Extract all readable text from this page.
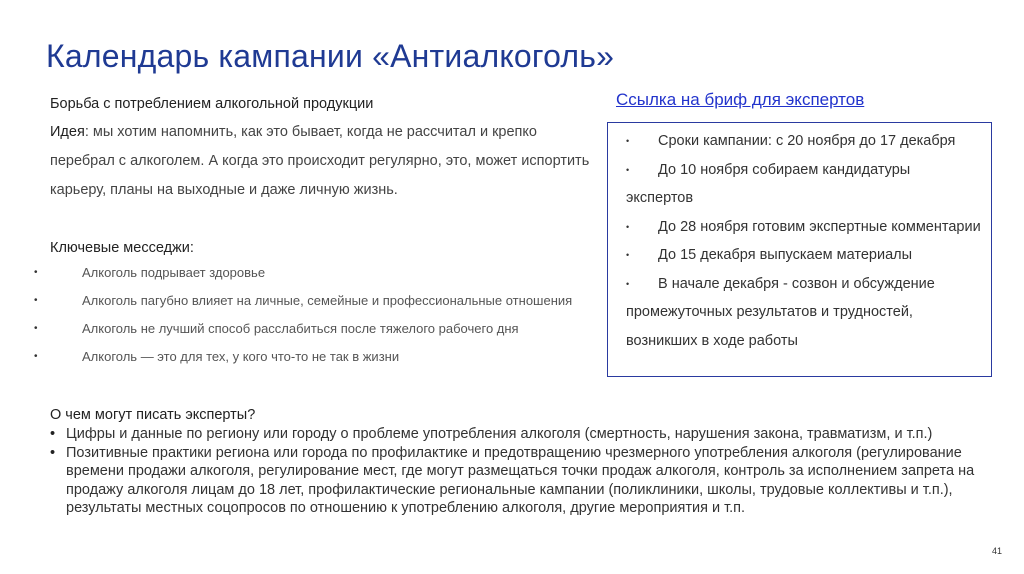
Календарь кампании «Антиалкоголь»
Борьба с потреблением алкогольной продукции
Идея: мы хотим напомнить, как это бывает, когда не рассчитал и крепко перебрал с алкоголем. А когда это происходит регулярно, это, может испортить карьеру, планы на выходные и даже личную жизнь.
Ключевые месседжи:
• Алкоголь подрывает здоровье
• Алкоголь пагубно влияет на личные, семейные и профессиональные отношения
• Алкоголь не лучший способ расслабиться после тяжелого рабочего дня
• Алкоголь — это для тех, у кого что-то не так в жизни
Ссылка на бриф для экспертов
• Сроки кампании: с 20 ноября до 17 декабря
• До 10 ноября собираем кандидатуры экспертов
• До 28 ноября готовим экспертные комментарии
• До 15 декабря выпускаем материалы
• В начале декабря - созвон и обсуждение промежуточных результатов и трудностей, возникших в ходе работы
О чем могут писать эксперты?
• Цифры и данные по региону или городу о проблеме употребления алкоголя (смертность, нарушения закона, травматизм, и т.п.)
• Позитивные практики региона или города по профилактике и предотвращению чрезмерного употребления алкоголя (регулирование времени продажи алкоголя, регулирование мест, где могут размещаться точки продаж алкоголя, контроль за исполнением запрета на продажу алкоголя лицам до 18 лет, профилактические региональные кампании (поликлиники, школы, трудовые коллективы и т.п.), результаты местных соцопросов по отношению к употреблению алкоголя, другие мероприятия и т.п.
41
